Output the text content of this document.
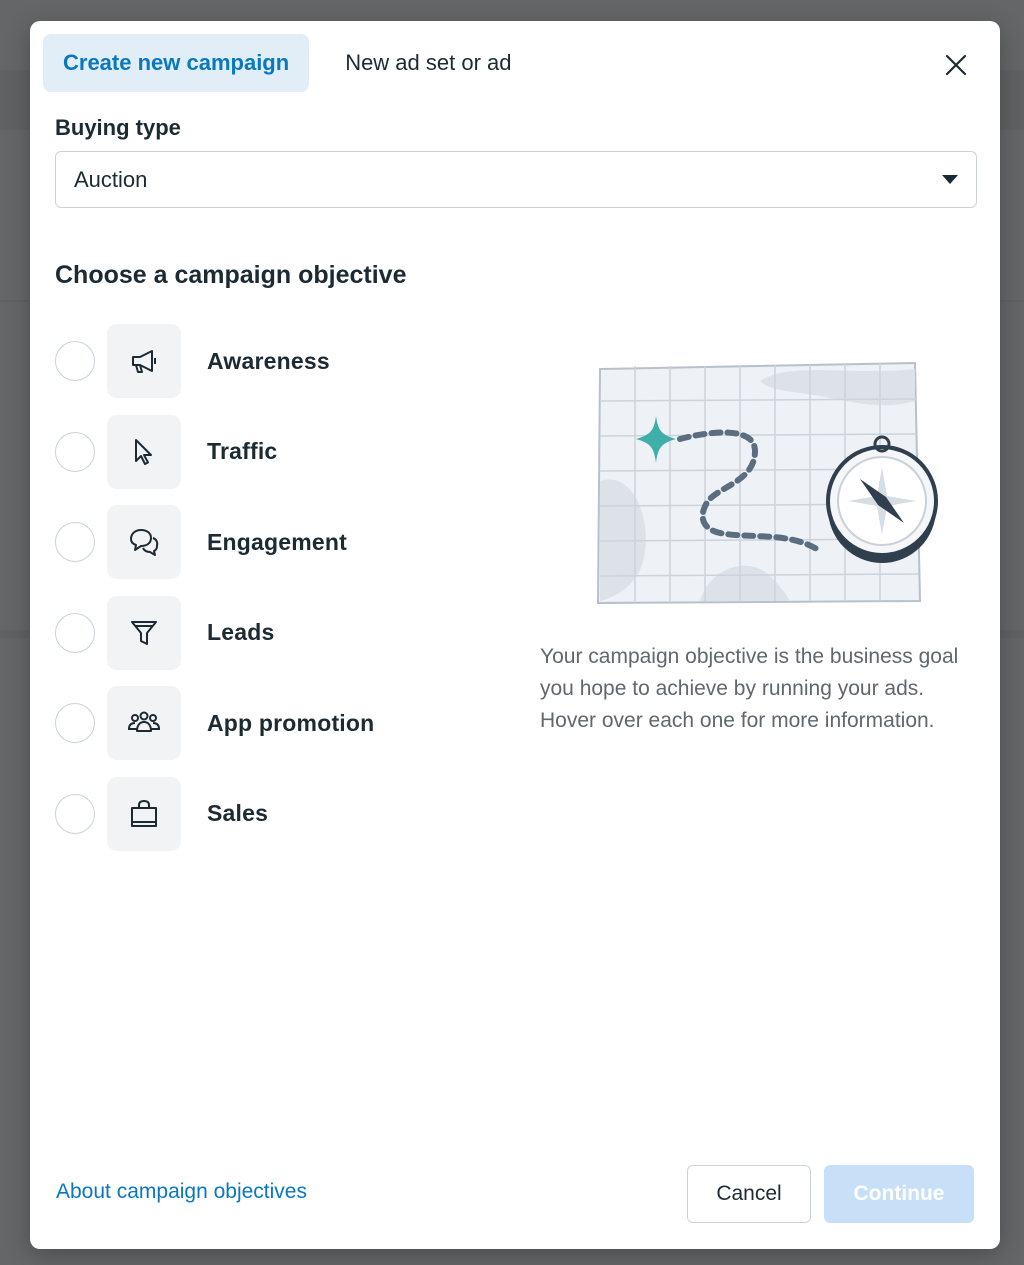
Create new campaign	New ad set or ad
Buying type
Auction
Choose a campaign objective
Awareness
Traffic
Engagement
Leads
App promotion
Sales
Your campaign objective is the business goal you hope to achieve by running your ads. Hover over each one for more information.
About campaign objectives	Cancel	Continue
